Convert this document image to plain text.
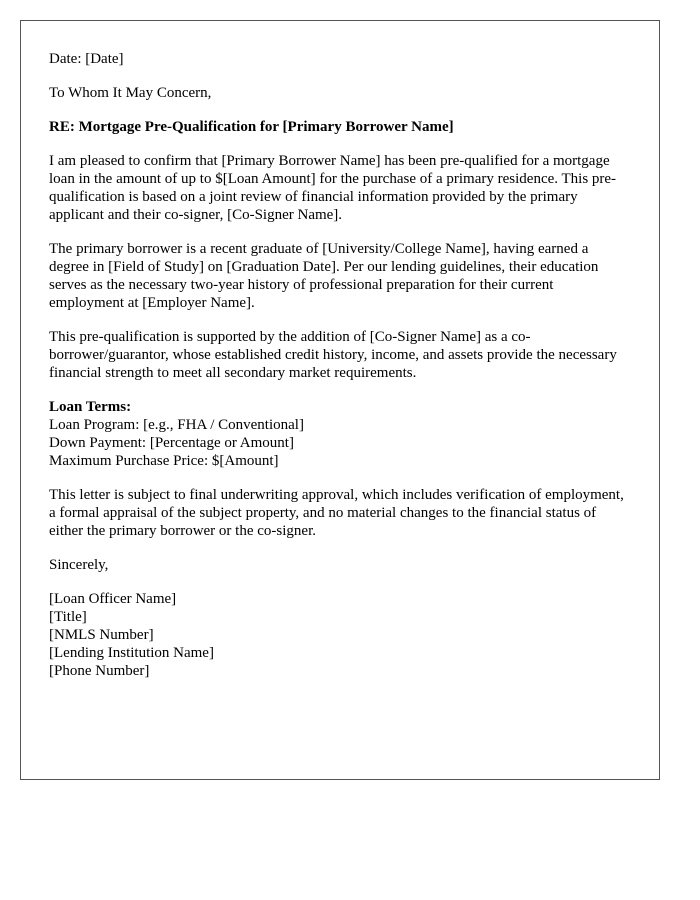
Date: [Date]

To Whom It May Concern,

RE: Mortgage Pre-Qualification for [Primary Borrower Name]

I am pleased to confirm that [Primary Borrower Name] has been pre-qualified for a mortgage loan in the amount of up to $[Loan Amount] for the purchase of a primary residence. This pre-qualification is based on a joint review of financial information provided by the primary applicant and their co-signer, [Co-Signer Name].

The primary borrower is a recent graduate of [University/College Name], having earned a degree in [Field of Study] on [Graduation Date]. Per our lending guidelines, their education serves as the necessary two-year history of professional preparation for their current employment at [Employer Name].

This pre-qualification is supported by the addition of [Co-Signer Name] as a co-borrower/guarantor, whose established credit history, income, and assets provide the necessary financial strength to meet all secondary market requirements.

Loan Terms:
Loan Program: [e.g., FHA / Conventional]
Down Payment: [Percentage or Amount]
Maximum Purchase Price: $[Amount]

This letter is subject to final underwriting approval, which includes verification of employment, a formal appraisal of the subject property, and no material changes to the financial status of either the primary borrower or the co-signer.

Sincerely,

[Loan Officer Name]
[Title]
[NMLS Number]
[Lending Institution Name]
[Phone Number]
